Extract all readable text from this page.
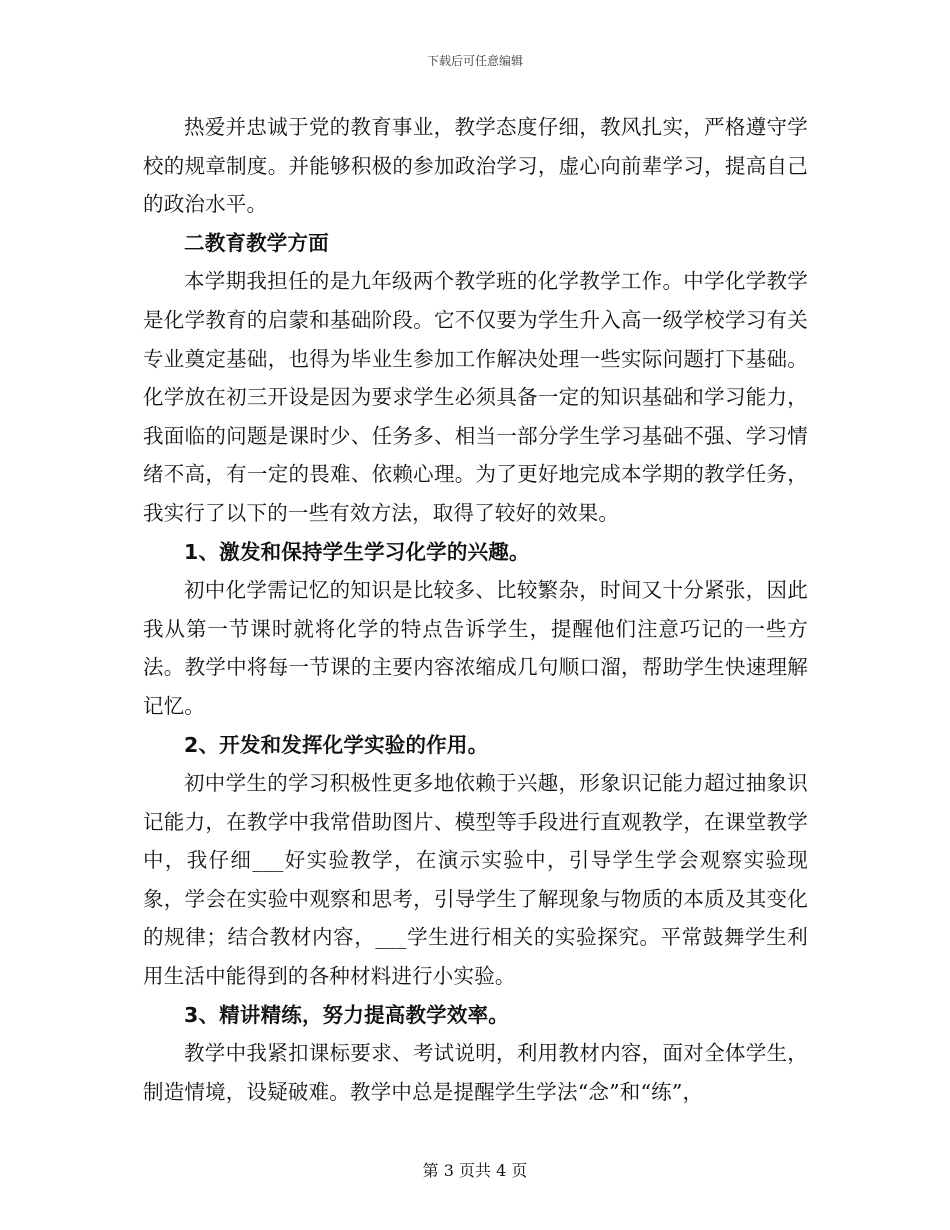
下载后可任意编辑

热爱并忠诚于党的教育事业，教学态度仔细，教风扎实，严格遵守学校的规章制度。并能够积极的参加政治学习，虚心向前辈学习，提高自己的政治水平。

二教育教学方面

本学期我担任的是九年级两个教学班的化学教学工作。中学化学教学是化学教育的启蒙和基础阶段。它不仅要为学生升入高一级学校学习有关专业奠定基础，也得为毕业生参加工作解决处理一些实际问题打下基础。化学放在初三开设是因为要求学生必须具备一定的知识基础和学习能力，我面临的问题是课时少、任务多、相当一部分学生学习基础不强、学习情绪不高，有一定的畏难、依赖心理。为了更好地完成本学期的教学任务，我实行了以下的一些有效方法，取得了较好的效果。

1、激发和保持学生学习化学的兴趣。

初中化学需记忆的知识是比较多、比较繁杂，时间又十分紧张，因此我从第一节课时就将化学的特点告诉学生，提醒他们注意巧记的一些方法。教学中将每一节课的主要内容浓缩成几句顺口溜，帮助学生快速理解记忆。

2、开发和发挥化学实验的作用。

初中学生的学习积极性更多地依赖于兴趣，形象识记能力超过抽象识记能力，在教学中我常借助图片、模型等手段进行直观教学，在课堂教学中，我仔细___好实验教学，在演示实验中，引导学生学会观察实验现象，学会在实验中观察和思考，引导学生了解现象与物质的本质及其变化的规律；结合教材内容，___学生进行相关的实验探究。平常鼓舞学生利用生活中能得到的各种材料进行小实验。

3、精讲精练，努力提高教学效率。

教学中我紧扣课标要求、考试说明，利用教材内容，面对全体学生，制造情境，设疑破难。教学中总是提醒学生学法“念”和“练”，

第 3 页共 4 页
